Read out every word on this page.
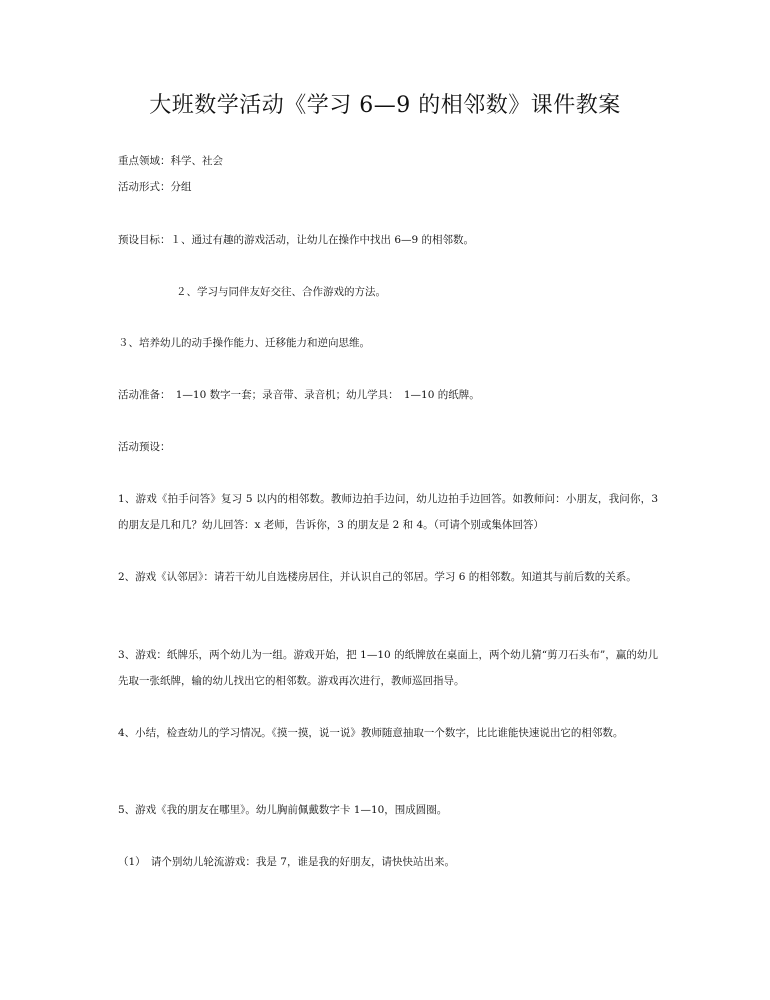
大班数学活动《学习 6—9 的相邻数》课件教案
重点领域：科学、社会
活动形式：分组
预设目标：１、通过有趣的游戏活动，让幼儿在操作中找出 6—9 的相邻数。
２、学习与同伴友好交往、合作游戏的方法。
３、培养幼儿的动手操作能力、迁移能力和逆向思维。
活动准备：　1—10 数字一套；录音带、录音机；幼儿学具：　1—10 的纸牌。
活动预设：
1、游戏《拍手问答》复习 5 以内的相邻数。教师边拍手边问，幼儿边拍手边回答。如教师问：小朋友，我问你，3 的朋友是几和几？幼儿回答：x 老师，告诉你，3 的朋友是 2 和 4。（可请个别或集体回答）
2、游戏《认邻居》：请若干幼儿自选楼房居住，并认识自己的邻居。学习 6 的相邻数。知道其与前后数的关系。
3、游戏：纸牌乐，两个幼儿为一组。游戏开始，把 1—10 的纸牌放在桌面上，两个幼儿猜“剪刀石头布”，赢的幼儿先取一张纸牌，输的幼儿找出它的相邻数。游戏再次进行，教师巡回指导。
4、小结，检查幼儿的学习情况。《摸一摸，说一说》教师随意抽取一个数字，比比谁能快速说出它的相邻数。
5、游戏《我的朋友在哪里》。幼儿胸前佩戴数字卡 1—10，围成圆圈。
（1）　请个别幼儿轮流游戏：我是 7，谁是我的好朋友，请快快站出来。
